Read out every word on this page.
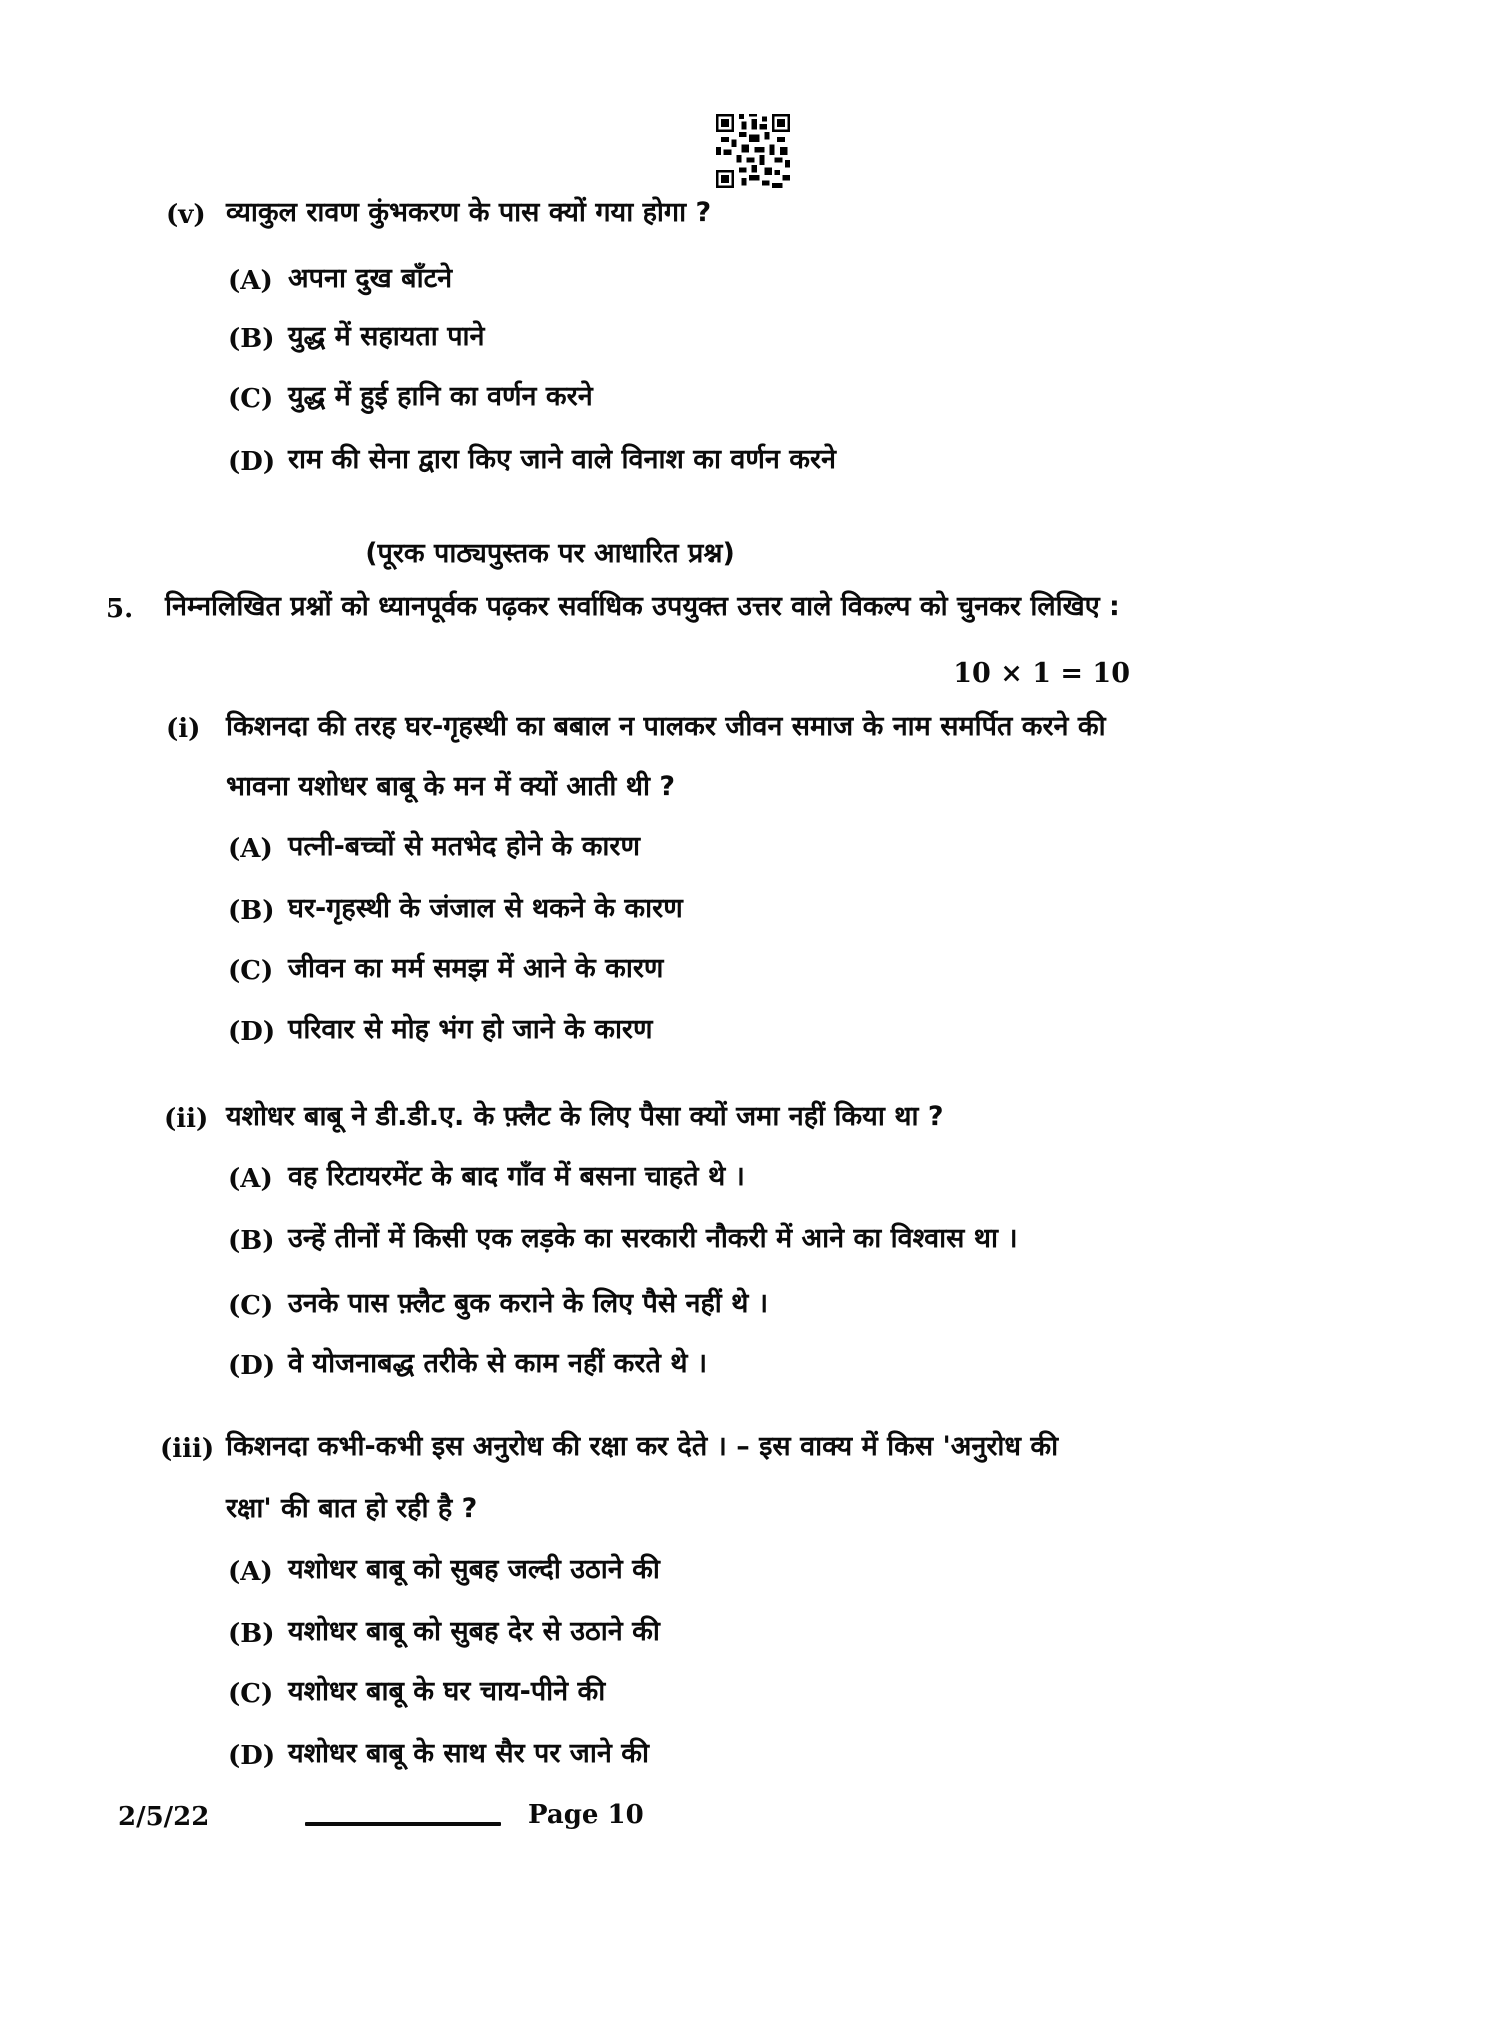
(v) व्याकुल रावण कुंभकरण के पास क्यों गया होगा ?
(A) अपना दुख बाँटने
(B) युद्ध में सहायता पाने
(C) युद्ध में हुई हानि का वर्णन करने
(D) राम की सेना द्वारा किए जाने वाले विनाश का वर्णन करने
(पूरक पाठ्यपुस्तक पर आधारित प्रश्न)
5. निम्नलिखित प्रश्नों को ध्यानपूर्वक पढ़कर सर्वाधिक उपयुक्त उत्तर वाले विकल्प को चुनकर लिखिए :
10 × 1 = 10
(i) किशनदा की तरह घर-गृहस्थी का बबाल न पालकर जीवन समाज के नाम समर्पित करने की
भावना यशोधर बाबू के मन में क्यों आती थी ?
(A) पत्नी-बच्चों से मतभेद होने के कारण
(B) घर-गृहस्थी के जंजाल से थकने के कारण
(C) जीवन का मर्म समझ में आने के कारण
(D) परिवार से मोह भंग हो जाने के कारण
(ii) यशोधर बाबू ने डी.डी.ए. के फ़्लैट के लिए पैसा क्यों जमा नहीं किया था ?
(A) वह रिटायरमेंट के बाद गाँव में बसना चाहते थे ।
(B) उन्हें तीनों में किसी एक लड़के का सरकारी नौकरी में आने का विश्वास था ।
(C) उनके पास फ़्लैट बुक कराने के लिए पैसे नहीं थे ।
(D) वे योजनाबद्ध तरीके से काम नहीं करते थे ।
(iii) किशनदा कभी-कभी इस अनुरोध की रक्षा कर देते । – इस वाक्य में किस 'अनुरोध की
रक्षा' की बात हो रही है ?
(A) यशोधर बाबू को सुबह जल्दी उठाने की
(B) यशोधर बाबू को सुबह देर से उठाने की
(C) यशोधर बाबू के घर चाय-पीने की
(D) यशोधर बाबू के साथ सैर पर जाने की
2/5/22	Page 10
